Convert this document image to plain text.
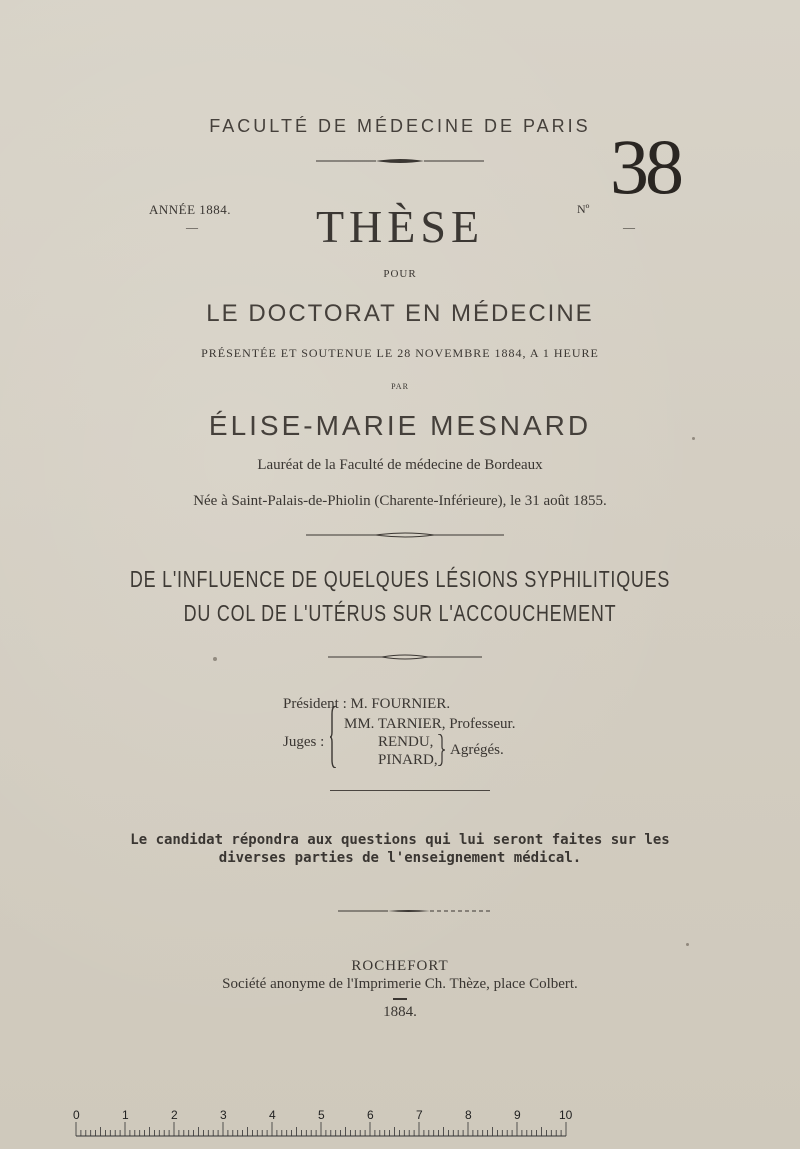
FACULTÉ DE MÉDECINE DE PARIS
ANNÉE 1884.
—	THÈSE	Nº
—
38
POUR
LE DOCTORAT EN MÉDECINE
PRÉSENTÉE ET SOUTENUE LE 28 NOVEMBRE 1884, A 1 HEURE
PAR
ÉLISE-MARIE MESNARD
Lauréat de la Faculté de médecine de Bordeaux
Née à Saint-Palais-de-Phiolin (Charente-Inférieure), le 31 août 1855.
DE L'INFLUENCE DE QUELQUES LÉSIONS SYPHILITIQUES
DU COL DE L'UTÉRUS SUR L'ACCOUCHEMENT
Président : M. FOURNIER.
MM. TARNIER, Professeur.
Juges :	RENDU,
PINARD,
Agrégés.
Le candidat répondra aux questions qui lui seront faites sur les
diverses parties de l'enseignement médical.
ROCHEFORT
Société anonyme de l'Imprimerie Ch. Thèze, place Colbert.
1884.
0	1	2	3	4	5	6	7	8	9	10
